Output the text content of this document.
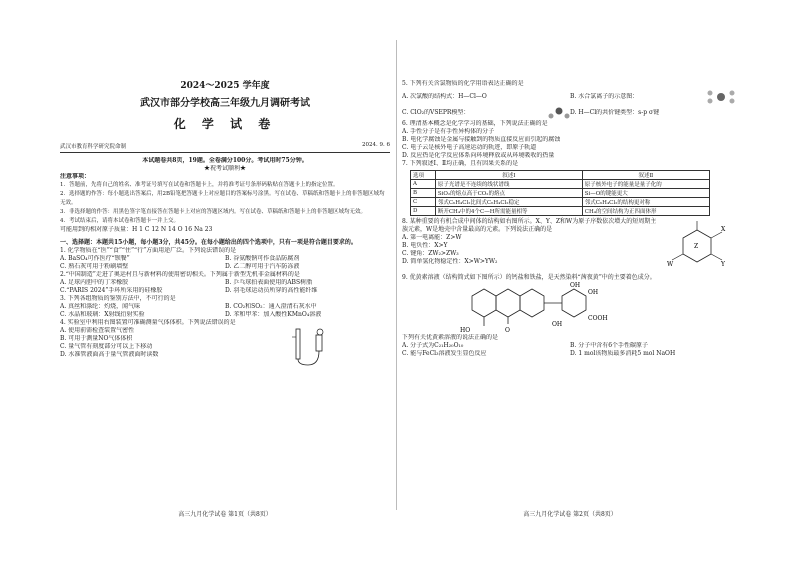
2024～2025 学年度
武汉市部分学校高三年级九月调研考试
化 学 试 卷
武汉市教育科学研究院命制	2024. 9. 6
本试题卷共8页，19题。全卷满分100分。考试用时75分钟。
★祝考试顺利★
注意事项：
1．答题前，先将自己的姓名、准考证号填写在试卷和答题卡上，并将准考证号条形码粘贴在答题卡上的指定位置。
2．选择题的作答：每小题选出答案后，用2B铅笔把答题卡上对应题目的答案标号涂黑。写在试卷、草稿纸和答题卡上的非答题区域均无效。
3．非选择题的作答：用黑色签字笔直接答在答题卡上对应的答题区域内。写在试卷、草稿纸和答题卡上的非答题区域均无效。
4．考试结束后，请将本试卷和答题卡一并上交。
可能用到的相对原子质量：H 1 C 12 N 14 O 16 Na 23
一、选择题：本题共15小题，每小题3分，共45分。在每小题给出的四个选项中，只有一项是符合题目要求的。
1. 化学物质在“医”“食”“住”“行”方面用途广泛。下列说法错误的是
A. BaSO₄可作医疗“钡餐”	B. 谷氨酸钠可作食品防腐剂
C. 熟石灰可用于粉刷墙壁	D. 乙二醇可用于汽车防冻液
2.“中国制造”走进了奥运村且与新材料的使用密切相关。下列属于新型无机非金属材料的是
A. 足球内胆中的丁苯橡胶	B. 乒乓球拍表面使用的ABS树脂
C.“PARIS 2024”手环所采用的硅橡胶	D. 羽毛球运动员所穿的高性能纤维
3. 下列各组物质的鉴别方法中，不可行的是
A. 真丝和涤纶：灼烧，闻气味	B. CO₂和SO₂：通入澄清石灰水中
C. 水晶和玻璃：X射线衍射实验	D. 苯和甲苯：加入酸性KMnO₄溶液
4. 实验室中利用右图装置可准确测量气体体积。下列说法错误的是
A. 使用前需检查装置气密性
B. 可用于测量NO气体体积
C. 量气管有刻度部分可以上下移动
D. 水准管液面高于量气管液面时读数
高三九月化学试卷 第1页（共8页）
5. 下列有关含氯物质的化学用语表达正确的是
A. 次氯酸的结构式：H—Cl—O	B. 水合氯离子的示意图：
C. ClO₂的VSEPR模型：	D. H—Cl的共价键类型：s-p σ键
6. 理清基本概念是化学学习的基础，下列说法正确的是
A. 手性分子是有手性异构体的分子
B. 电化学腐蚀是金属与接触到的物质直接反应而引起的腐蚀
C. 电子云是核外电子高速运动的轨迹，即原子轨道
D. 反应热是化学反应体系向环境释放或从环境吸收的热量
7. 下列叙述Ⅰ、Ⅱ均正确，且有因果关系的是
选项	叙述Ⅰ	叙述Ⅱ
A	原子光谱是不连续的线状谱线	原子核外电子的能量是量子化的
B	SiO₂的熔点高于CO₂的熔点	Si—O的键能更大
C	邻式C₆H₄Cl₂比间式C₆H₄Cl₂稳定	邻式C₆H₄Cl₂的结构更对称
D	断开CH₄中的4个C—H所需能量相等	CH₄的空间结构为正四面体形
8. 某种重要的有机合成中间体的结构如右图所示。X、Y、Z和W为原子序数依次增大的短周期主族元素，W是地壳中含量最高的元素。下列说法正确的是
A. 第一电离能：Z>W
B. 电负性：X>Y
C. 键角：ZW₂>ZW₃
D. 简单氢化物稳定性：X>W>YW₂
X
W
Z
Y
9. 优黄素溶液（结构简式如下图所示）的钙盐和铁盐，是天然染料“茜夜黄”中的主要着色成分。
HO
OH
O
OH
OH
COOH
下列有关优黄素溶液的说法正确的是
A. 分子式为C₂₁H₂₀O₁₀	B. 分子中含有6个手性碳原子
C. 能与FeCl₃溶液发生显色反应	D. 1 mol该物质最多消耗5 mol NaOH
高三九月化学试卷 第2页（共8页）
